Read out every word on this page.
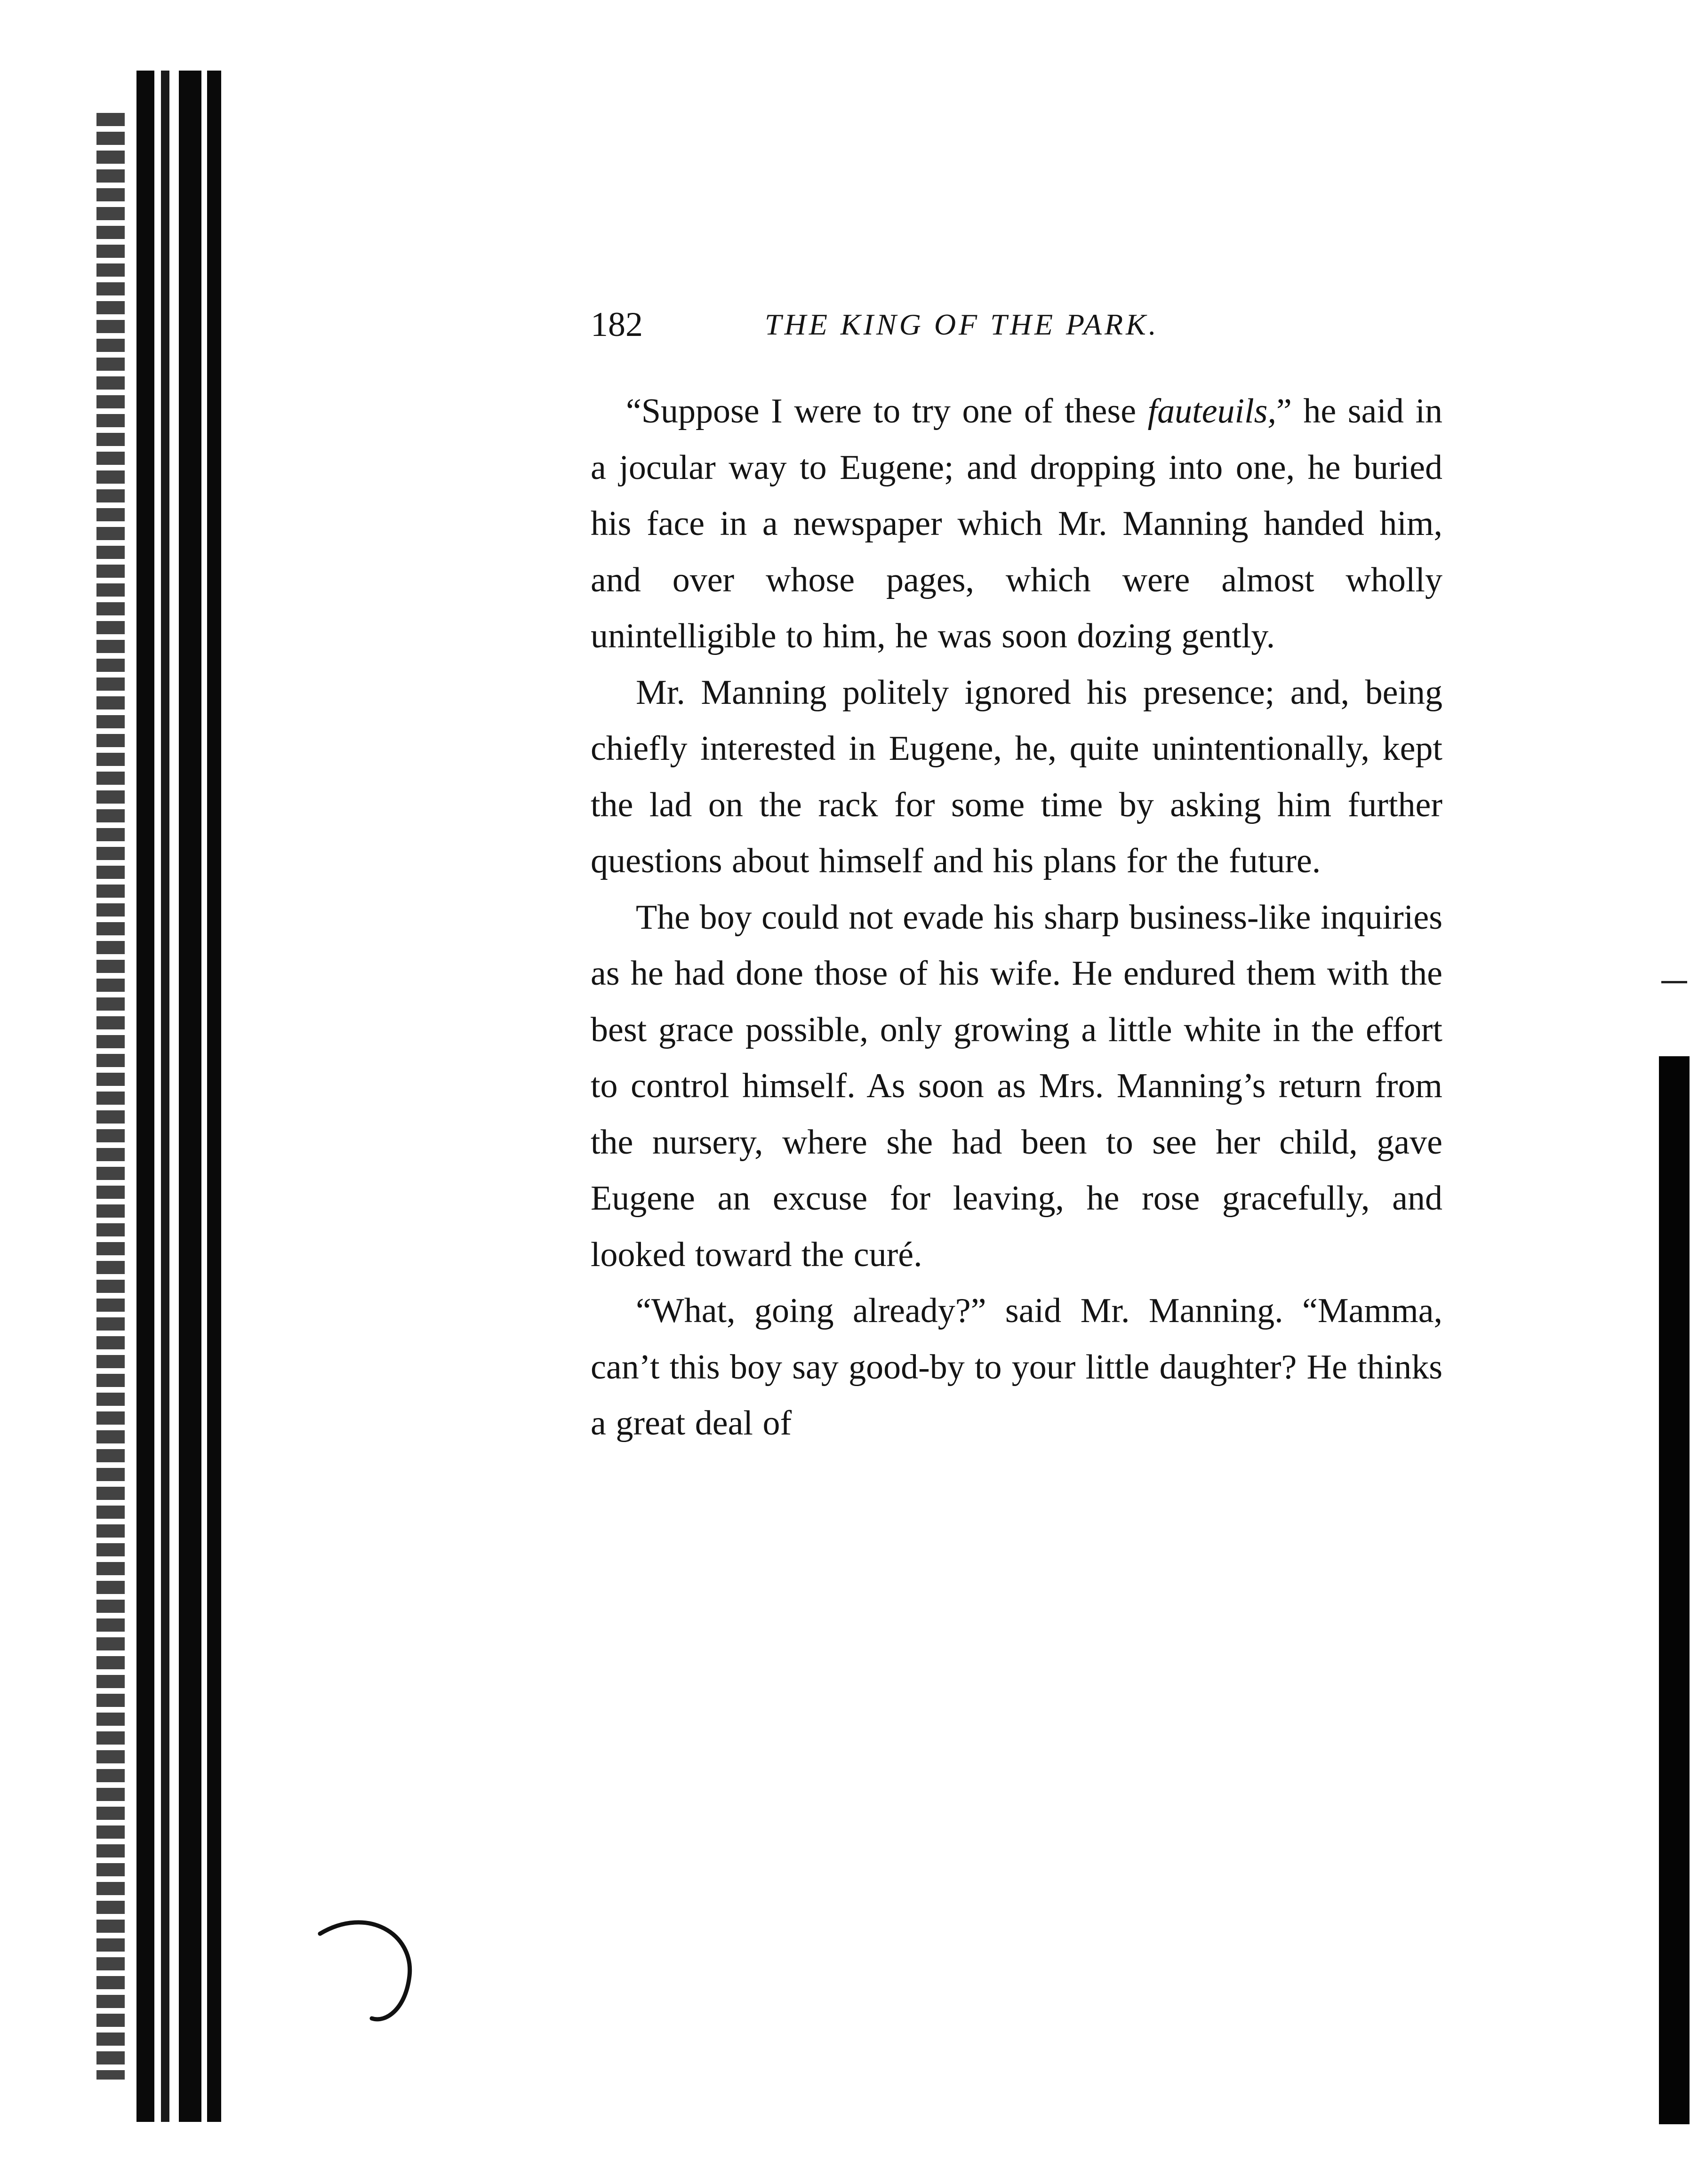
182	THE KING OF THE PARK.

“Suppose I were to try one of these fauteuils,” he said in a jocular way to Eugene; and dropping into one, he buried his face in a newspaper which Mr. Manning handed him, and over whose pages, which were almost wholly unintelligible to him, he was soon dozing gently.

Mr. Manning politely ignored his presence; and, being chiefly interested in Eugene, he, quite unintentionally, kept the lad on the rack for some time by asking him further questions about himself and his plans for the future.

The boy could not evade his sharp business-like inquiries as he had done those of his wife. He endured them with the best grace possible, only growing a little white in the effort to control himself. As soon as Mrs. Manning’s return from the nursery, where she had been to see her child, gave Eugene an excuse for leaving, he rose gracefully, and looked toward the curé.

“What, going already?” said Mr. Manning. “Mamma, can’t this boy say good-by to your little daughter? He thinks a great deal of
